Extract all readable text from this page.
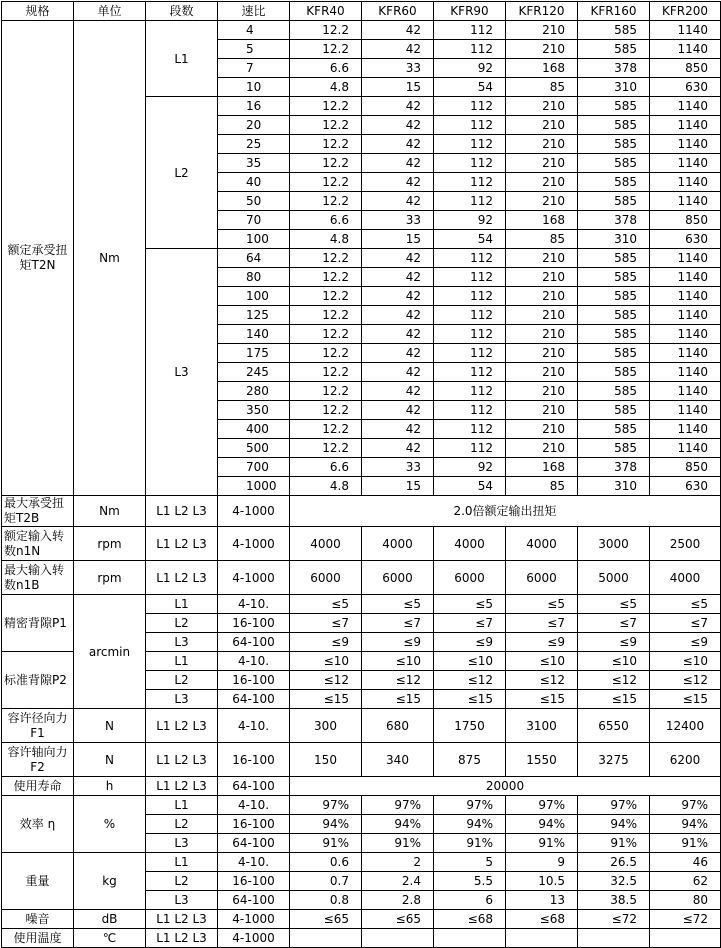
规格	单位	段数	速比	KFR40	KFR60	KFR90	KFR120	KFR160	KFR200
额定承受扭矩T2N	Nm	L1	4	12.2	42	112	210	585	1140
			5	12.2	42	112	210	585	1140
			7	6.6	33	92	168	378	850
			10	4.8	15	54	85	310	630
		L2	16	12.2	42	112	210	585	1140
			20	12.2	42	112	210	585	1140
			25	12.2	42	112	210	585	1140
			35	12.2	42	112	210	585	1140
			40	12.2	42	112	210	585	1140
			50	12.2	42	112	210	585	1140
			70	6.6	33	92	168	378	850
			100	4.8	15	54	85	310	630
		L3	64	12.2	42	112	210	585	1140
			80	12.2	42	112	210	585	1140
			100	12.2	42	112	210	585	1140
			125	12.2	42	112	210	585	1140
			140	12.2	42	112	210	585	1140
			175	12.2	42	112	210	585	1140
			245	12.2	42	112	210	585	1140
			280	12.2	42	112	210	585	1140
			350	12.2	42	112	210	585	1140
			400	12.2	42	112	210	585	1140
			500	12.2	42	112	210	585	1140
			700	6.6	33	92	168	378	850
			1000	4.8	15	54	85	310	630
最大承受扭矩T2B	Nm	L1 L2 L3	4-1000	2.0倍额定输出扭矩					
额定输入转数n1N	rpm	L1 L2 L3	4-1000	4000	4000	4000	4000	3000	2500
最大输入转数n1B	rpm	L1 L2 L3	4-1000	6000	6000	6000	6000	5000	4000
精密背隙P1	arcmin	L1	4-10.	≤5	≤5	≤5	≤5	≤5	≤5
		L2	16-100	≤7	≤7	≤7	≤7	≤7	≤7
		L3	64-100	≤9	≤9	≤9	≤9	≤9	≤9
标准背隙P2		L1	4-10.	≤10	≤10	≤10	≤10	≤10	≤10
		L2	16-100	≤12	≤12	≤12	≤12	≤12	≤12
		L3	64-100	≤15	≤15	≤15	≤15	≤15	≤15
容许径向力F1	N	L1 L2 L3	4-10.	300	680	1750	3100	6550	12400
容许轴向力F2	N	L1 L2 L3	16-100	150	340	875	1550	3275	6200
使用寿命	h	L1 L2 L3	64-100	20000					
效率 η	%	L1	4-10.	97%	97%	97%	97%	97%	97%
		L2	16-100	94%	94%	94%	94%	94%	94%
		L3	64-100	91%	91%	91%	91%	91%	91%
重量	kg	L1	4-10.	0.6	2	5	9	26.5	46
		L2	16-100	0.7	2.4	5.5	10.5	32.5	62
		L3	64-100	0.8	2.8	6	13	38.5	80
噪音	dB	L1 L2 L3	4-1000	≤65	≤65	≤68	≤68	≤72	≤72
使用温度	℃	L1 L2 L3	4-1000						
